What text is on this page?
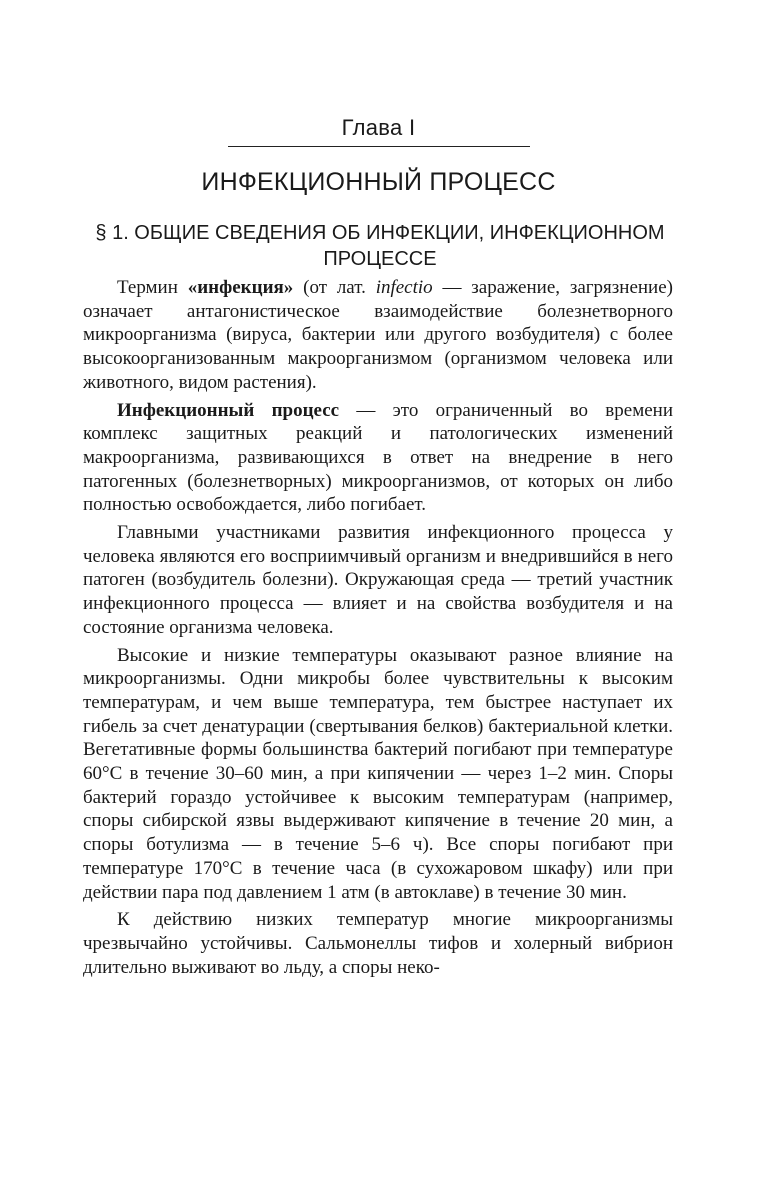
Глава I
ИНФЕКЦИОННЫЙ ПРОЦЕСС
§ 1. ОБЩИЕ СВЕДЕНИЯ ОБ ИНФЕКЦИИ, ИНФЕКЦИОННОМ ПРОЦЕССЕ

Термин «инфекция» (от лат. infectio — заражение, загрязнение) означает антагонистическое взаимодействие болезнетворного микроорганизма (вируса, бактерии или другого возбудителя) с более высокоорганизованным макроорганизмом (организмом человека или животного, видом растения).

Инфекционный процесс — это ограниченный во времени комплекс защитных реакций и патологических изменений макроорганизма, развивающихся в ответ на внедрение в него патогенных (болезнетворных) микроорганизмов, от которых он либо полностью освобождается, либо погибает.

Главными участниками развития инфекционного процесса у человека являются его восприимчивый организм и внедрившийся в него патоген (возбудитель болезни). Окружающая среда — третий участник инфекционного процесса — влияет и на свойства возбудителя и на состояние организма человека.

Высокие и низкие температуры оказывают разное влияние на микроорганизмы. Одни микробы более чувствительны к высоким температурам, и чем выше температура, тем быстрее наступает их гибель за счет денатурации (свертывания белков) бактериальной клетки. Вегетативные формы большинства бактерий погибают при температуре 60°С в течение 30–60 мин, а при кипячении — через 1–2 мин. Споры бактерий гораздо устойчивее к высоким температурам (например, споры сибирской язвы выдерживают кипячение в течение 20 мин, а споры ботулизма — в течение 5–6 ч). Все споры погибают при температуре 170°С в течение часа (в сухожаровом шкафу) или при действии пара под давлением 1 атм (в автоклаве) в течение 30 мин.

К действию низких температур многие микроорганизмы чрезвычайно устойчивы. Сальмонеллы тифов и холерный вибрион длительно выживают во льду, а споры неко-
